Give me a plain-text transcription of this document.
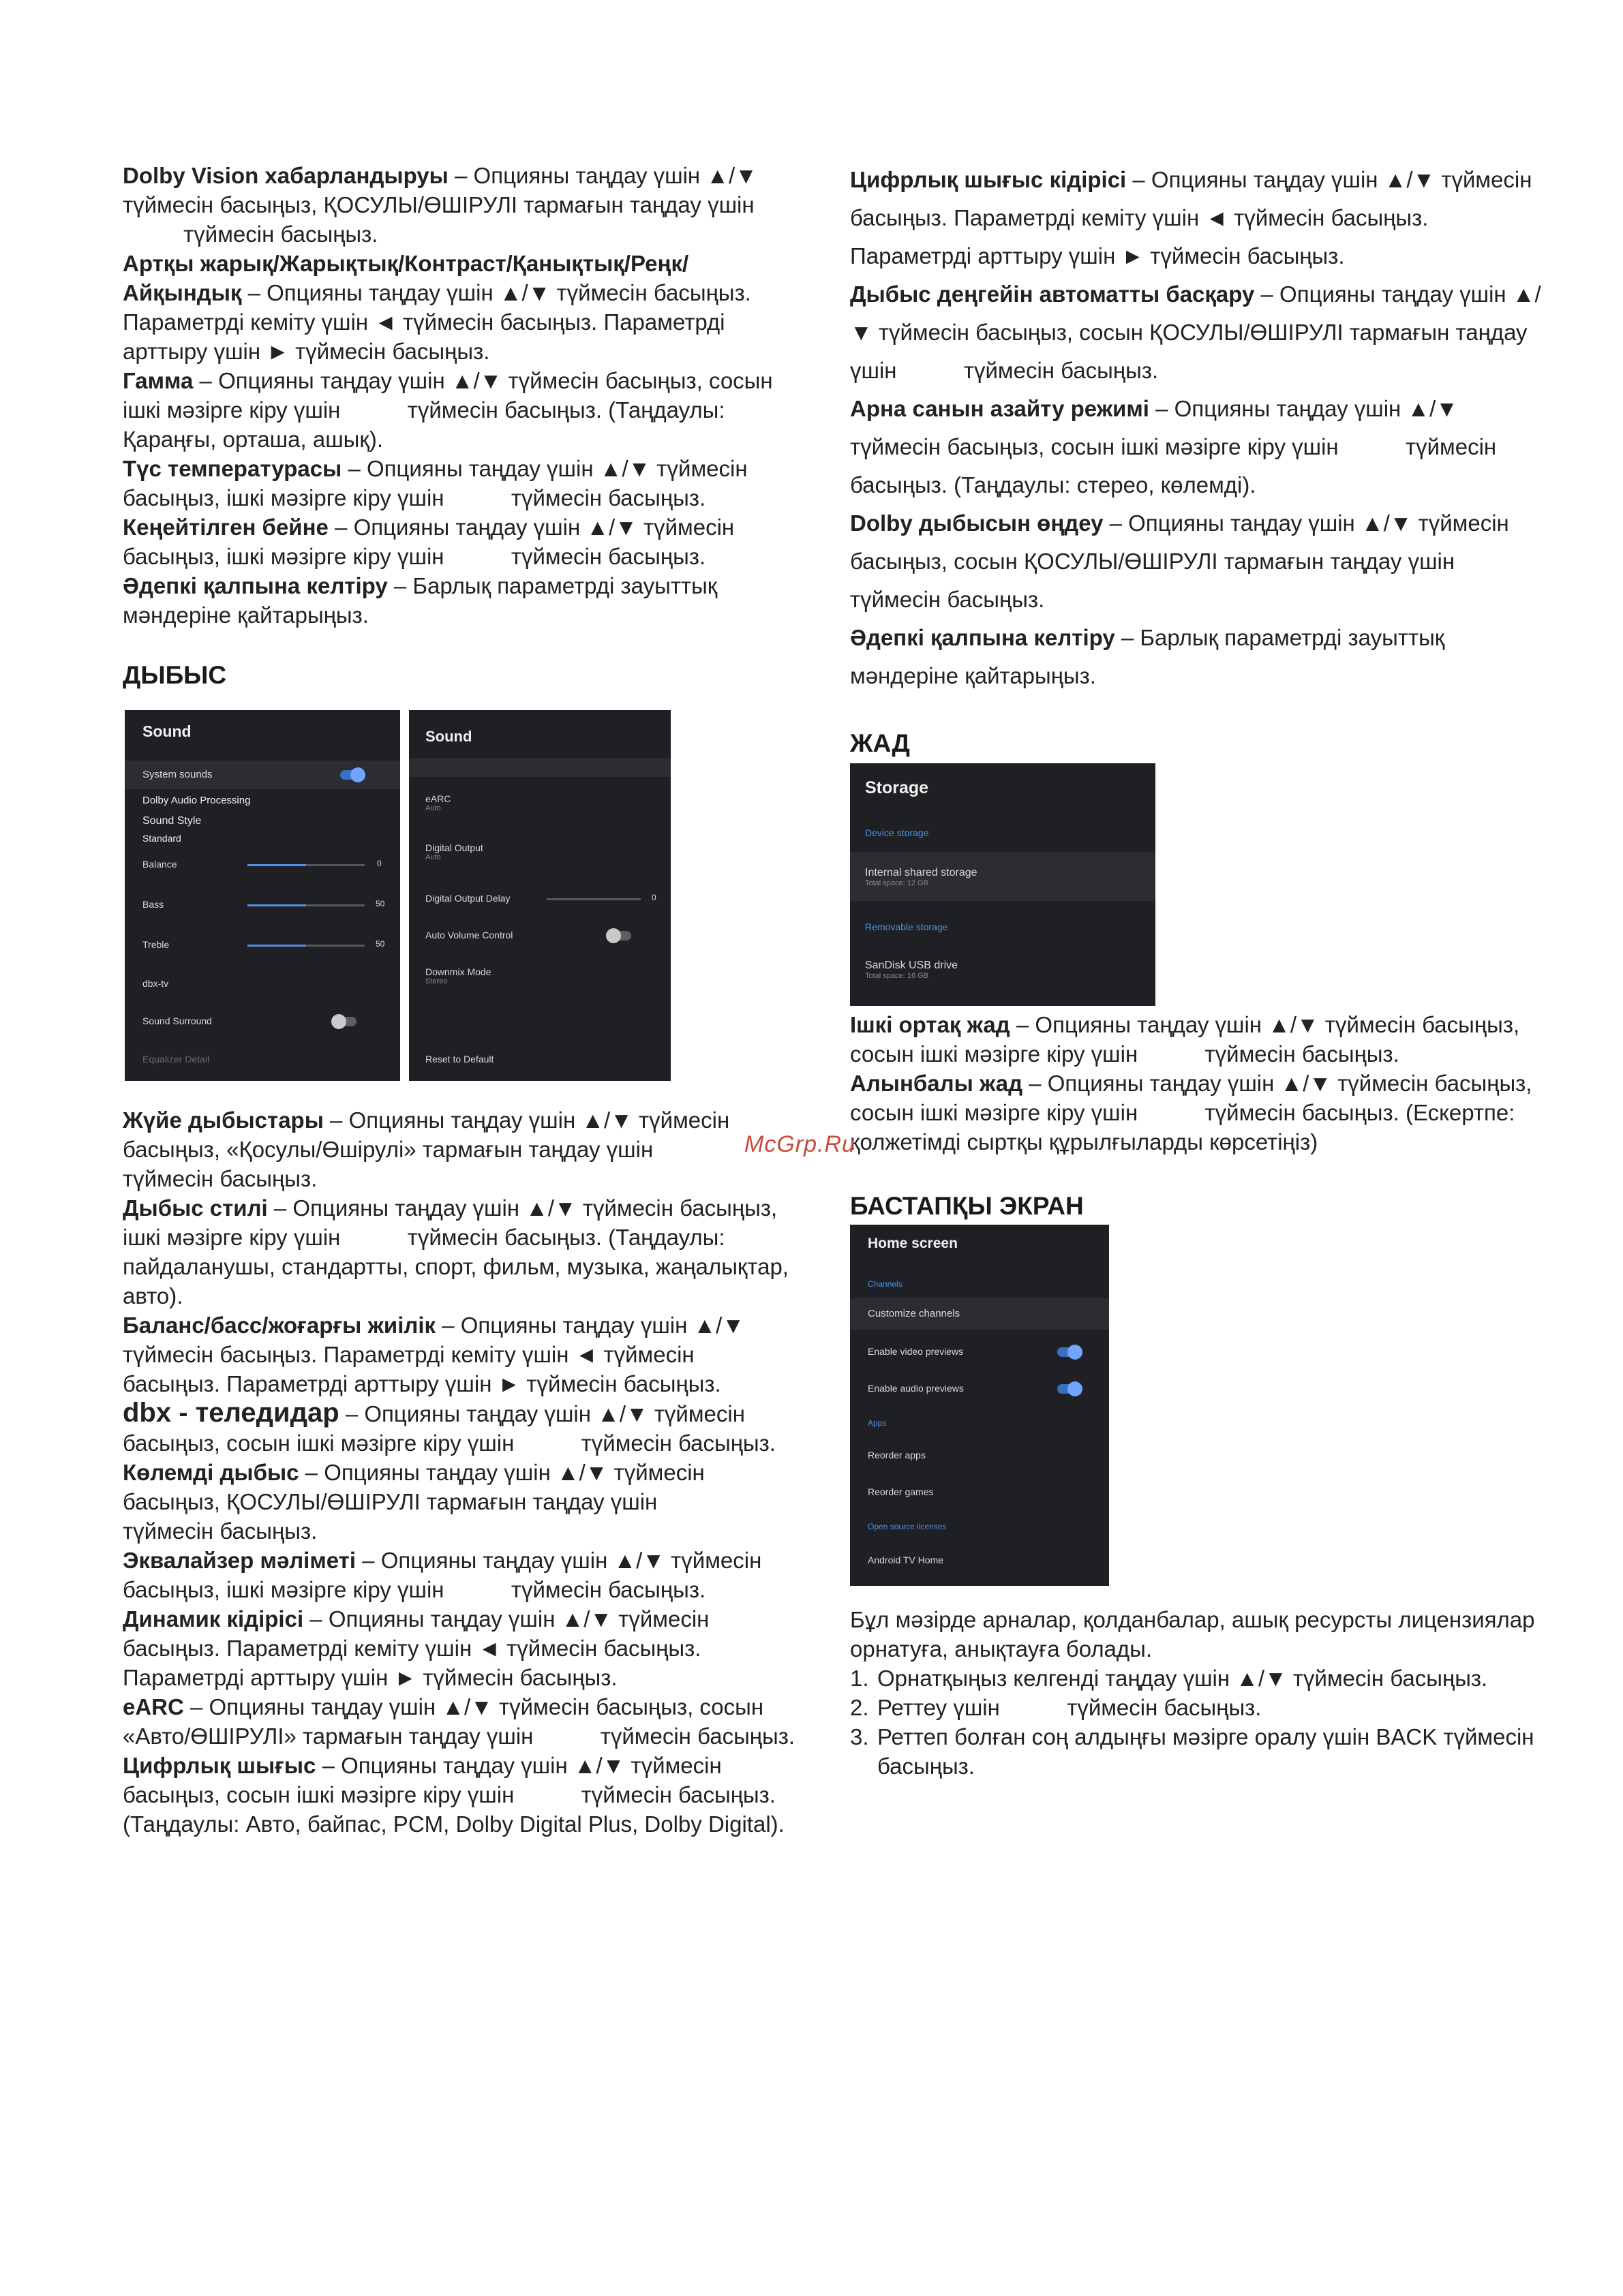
Dolby Vision хабарландыруы – Опцияны таңдау үшін ▲/▼ түймесін басыңыз, ҚОСУЛЫ/ӨШІРУЛІ тармағын таңдау үшін  түймесін басыңыз.

Артқы жарық/Жарықтық/Контраст/Қанықтық/Реңк/ Айқындық – Опцияны таңдау үшін ▲/▼ түймесін басыңыз. Параметрді кеміту үшін ◄ түймесін басыңыз. Параметрді арттыру үшін ► түймесін басыңыз.

Гамма – Опцияны таңдау үшін ▲/▼ түймесін басыңыз, сосын ішкі мәзірге кіру үшін  түймесін басыңыз. (Таңдаулы: Қараңғы, орташа, ашық).

Түс температурасы – Опцияны таңдау үшін ▲/▼ түймесін басыңыз, ішкі мәзірге кіру үшін  түймесін басыңыз.

Кеңейтілген бейне – Опцияны таңдау үшін ▲/▼ түймесін басыңыз, ішкі мәзірге кіру үшін  түймесін басыңыз.

Әдепкі қалпына келтіру – Барлық параметрді зауыттық мәндеріне қайтарыңыз.

ДЫБЫС
Sound
System sounds
Dolby Audio Processing
Sound Style
Standard
Balance	0
Bass	50
Treble	50
dbx-tv
Sound Surround
Equalizer Detail
Sound
eARC
Auto
Digital Output
Auto
Digital Output Delay	0
Auto Volume Control
Downmix Mode
Stereo
Reset to Default

Жүйе дыбыстары – Опцияны таңдау үшін ▲/▼ түймесін басыңыз, «Қосулы/Өшірулі» тармағын таңдау үшін  түймесін басыңыз.

Дыбыс стилі – Опцияны таңдау үшін ▲/▼ түймесін басыңыз, ішкі мәзірге кіру үшін  түймесін басыңыз. (Таңдаулы: пайдаланушы, стандартты, спорт, фильм, музыка, жаңалықтар, авто).

Баланс/басс/жоғарғы жиілік – Опцияны таңдау үшін ▲/▼ түймесін басыңыз. Параметрді кеміту үшін ◄ түймесін басыңыз. Параметрді арттыру үшін ► түймесін басыңыз.

dbx - теледидар – Опцияны таңдау үшін ▲/▼ түймесін басыңыз, сосын ішкі мәзірге кіру үшін  түймесін басыңыз.

Көлемді дыбыс – Опцияны таңдау үшін ▲/▼ түймесін басыңыз, ҚОСУЛЫ/ӨШІРУЛІ тармағын таңдау үшін  түймесін басыңыз.

Эквалайзер мәліметі – Опцияны таңдау үшін ▲/▼ түймесін басыңыз, ішкі мәзірге кіру үшін  түймесін басыңыз.

Динамик кідірісі – Опцияны таңдау үшін ▲/▼ түймесін басыңыз. Параметрді кеміту үшін ◄ түймесін басыңыз. Параметрді арттыру үшін ► түймесін басыңыз.

eARC – Опцияны таңдау үшін ▲/▼ түймесін басыңыз, сосын «Авто/ӨШІРУЛІ» тармағын таңдау үшін  түймесін басыңыз.

Цифрлық шығыс – Опцияны таңдау үшін ▲/▼ түймесін басыңыз, сосын ішкі мәзірге кіру үшін  түймесін басыңыз. (Таңдаулы: Авто, байпас, PCM, Dolby Digital Plus, Dolby Digital).

Цифрлық шығыс кідірісі – Опцияны таңдау үшін ▲/▼ түймесін басыңыз. Параметрді кеміту үшін ◄ түймесін басыңыз. Параметрді арттыру үшін ► түймесін басыңыз.

Дыбыс деңгейін автоматты басқару – Опцияны таңдау үшін ▲/▼ түймесін басыңыз, сосын ҚОСУЛЫ/ӨШІРУЛІ тармағын таңдау үшін  түймесін басыңыз.

Арна санын азайту режимі – Опцияны таңдау үшін ▲/▼ түймесін басыңыз, сосын ішкі мәзірге кіру үшін  түймесін басыңыз. (Таңдаулы: стерео, көлемді).

Dolby дыбысын өңдеу – Опцияны таңдау үшін ▲/▼ түймесін басыңыз, сосын ҚОСУЛЫ/ӨШІРУЛІ тармағын таңдау үшін  түймесін басыңыз.

Әдепкі қалпына келтіру – Барлық параметрді зауыттық мәндеріне қайтарыңыз.

ЖАД
Storage
Device storage
Internal shared storage
Total space: 12 GB
Removable storage
SanDisk USB drive
Total space: 16 GB

Ішкі ортақ жад – Опцияны таңдау үшін ▲/▼ түймесін басыңыз, сосын ішкі мәзірге кіру үшін  түймесін басыңыз.

Алынбалы жад – Опцияны таңдау үшін ▲/▼ түймесін басыңыз, сосын ішкі мәзірге кіру үшін  түймесін басыңыз. (Ескертпе: қолжетімді сыртқы құрылғыларды көрсетіңіз)

БАСТАПҚЫ ЭКРАН
Home screen
Channels
Customize channels
Enable video previews
Enable audio previews
Apps
Reorder apps
Reorder games
Open source licenses
Android TV Home

Бұл мәзірде арналар, қолданбалар, ашық ресурсты лицензиялар орнатуға, анықтауға болады.

1. Орнатқыңыз келгенді таңдау үшін ▲/▼ түймесін басыңыз.
2. Реттеу үшін  түймесін басыңыз.
3. Реттеп болған соң алдыңғы мәзірге оралу үшін BACK түймесін басыңыз.
McGrp.Ru
